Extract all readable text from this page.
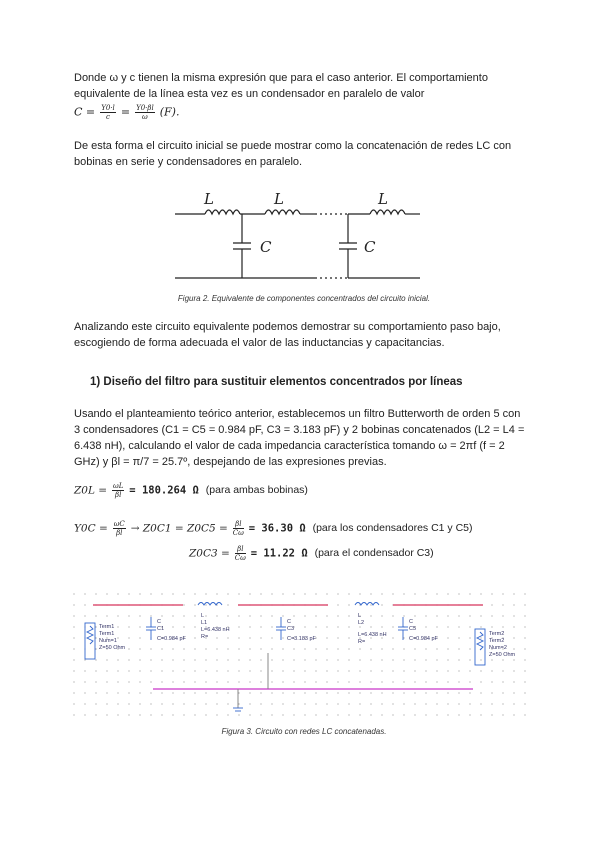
Donde ω y c tienen la misma expresión que para el caso anterior. El comportamiento
equivalente de la línea esta vez es un condensador en paralelo de valor
$C = \frac{Y0\cdot l}{c} = \frac{Y0\cdot\beta l}{\omega} (F)$.
De esta forma el circuito inicial se puede mostrar como la concatenación de redes LC con
bobinas en serie y condensadores en paralelo.
L	L	L
C	C
Figura 2. Equivalente de componentes concentrados del circuito inicial.
Analizando este circuito equivalente podemos demostrar su comportamiento paso bajo,
escogiendo de forma adecuada el valor de las inductancias y capacitancias.
1) Diseño del filtro para sustituir elementos concentrados por líneas
Usando el planteamiento teórico anterior, establecemos un filtro Butterworth de orden 5 con
3 condensadores (C1 = C5 = 0.984 pF, C3 = 3.183 pF) y 2 bobinas concatenados (L2 = L4 =
6.438 nH), calculando el valor de cada impedancia característica tomando ω = 2πf (f = 2
GHz) y βl = π/7 = 25.7º, despejando de las expresiones previas.
$Z0L = \frac{\omega L}{\beta l} = 180.264$ Ω (para ambas bobinas)
$Y0C = \frac{\omega C}{\beta l} \to Z0C1 = Z0C5 = \frac{\beta l}{C\omega} = 36.30$ Ω (para los condensadores C1 y C5)
$Z0C3 = \frac{\beta l}{C\omega} = 11.22$ Ω (para el condensador C3)
Term1
Term1
Num=1
Z=50 Ohm
C
C1
C=0.984 pF
L
L1
L=6.438 nH
R=
C
C3
C=3.183 pF
L
L2
L=6.438 nH
R=
C
C5
C=0.984 pF
Term2
Term2
Num=2
Z=50 Ohm
Figura 3. Circuito con redes LC concatenadas.
